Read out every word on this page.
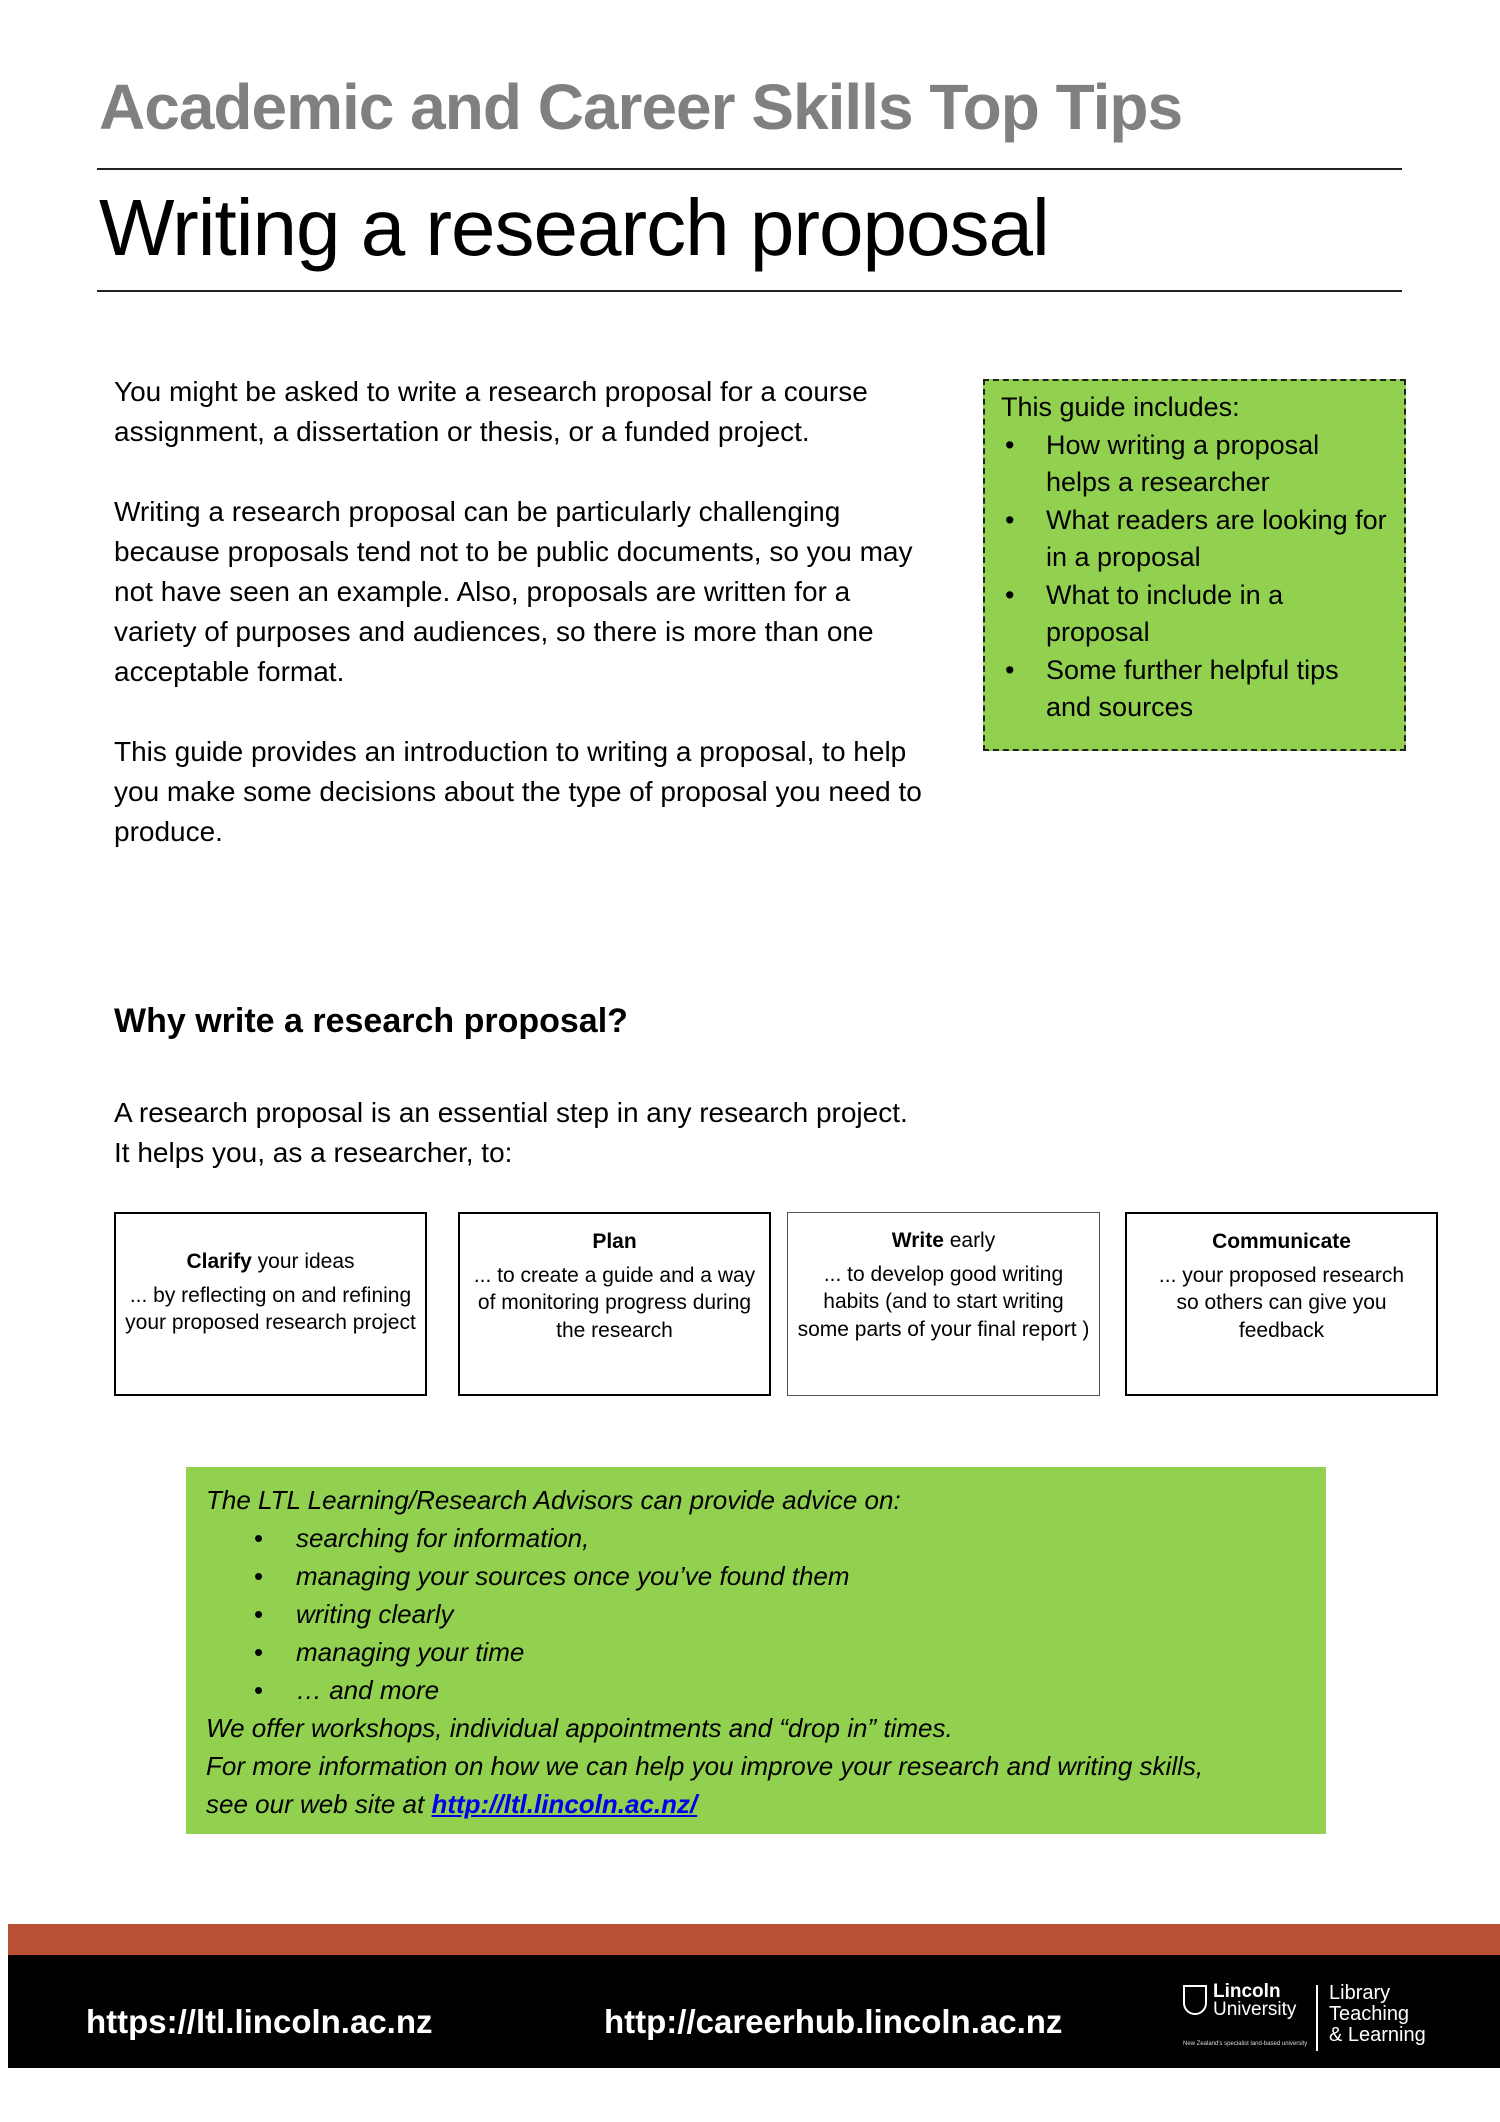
Academic and Career Skills Top Tips
Writing a research proposal

You might be asked to write a research proposal for a course assignment, a dissertation or thesis, or a funded project.

Writing a research proposal can be particularly challenging because proposals tend not to be public documents, so you may not have seen an example. Also, proposals are written for a variety of purposes and audiences, so there is more than one acceptable format.

This guide provides an introduction to writing a proposal, to help you make some decisions about the type of proposal you need to produce.

This guide includes:
• How writing a proposal helps a researcher
• What readers are looking for in a proposal
• What to include in a proposal
• Some further helpful tips and sources
Why write a research proposal?
A research proposal is an essential step in any research project.
It helps you, as a researcher, to:
Clarify your ideas
... by reflecting on and refining your proposed research project
Plan
... to create a guide and a way of monitoring progress during the research
Write early
... to develop good writing habits (and to start writing some parts of your final report )
Communicate
... your proposed research so others can give you feedback
The LTL Learning/Research Advisors can provide advice on:
• searching for information,
• managing your sources once you’ve found them
• writing clearly
• managing your time
• … and more
We offer workshops, individual appointments and “drop in” times.
For more information on how we can help you improve your research and writing skills,
see our web site at http://ltl.lincoln.ac.nz/
https://ltl.lincoln.ac.nz	http://careerhub.lincoln.ac.nz
Lincoln
University
New Zealand's specialist land-based university
Library
Teaching
& Learning
